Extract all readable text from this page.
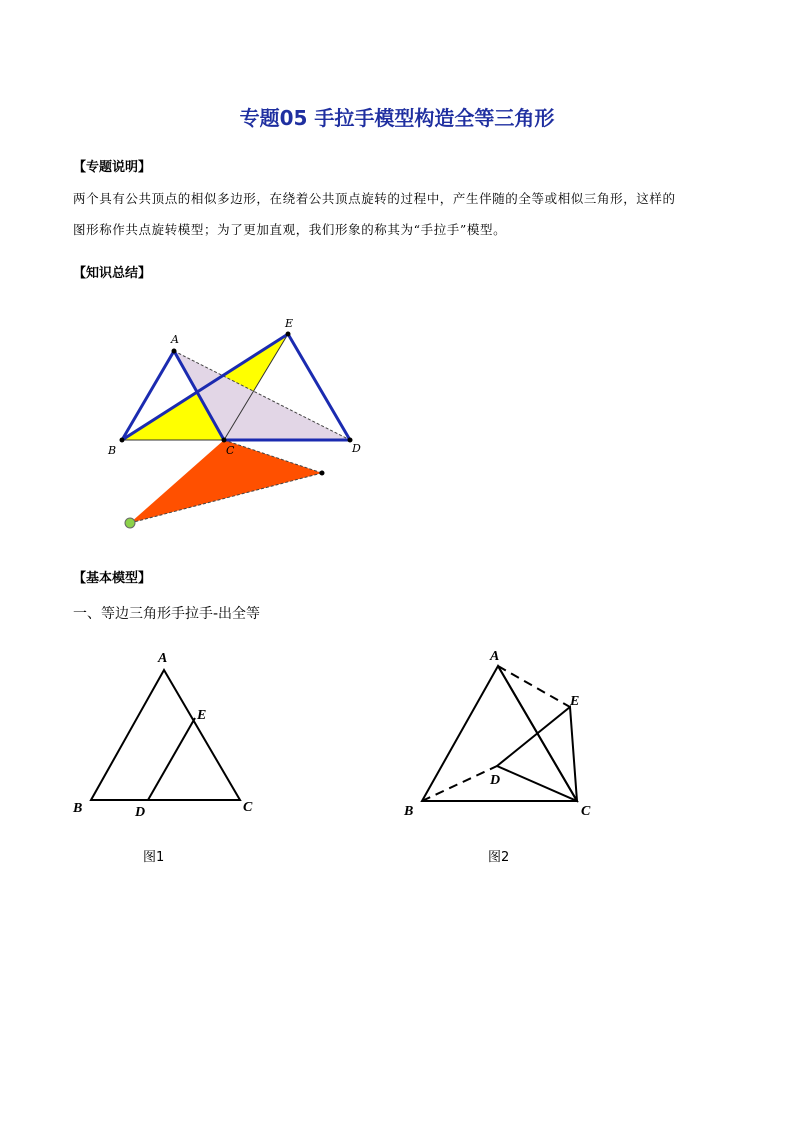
专题05 手拉手模型构造全等三角形
【专题说明】
两个具有公共顶点的相似多边形，在绕着公共顶点旋转的过程中，产生伴随的全等或相似三角形，这样的
图形称作共点旋转模型；为了更加直观，我们形象的称其为“手拉手”模型。
【知识总结】
A
E
B	C	D
【基本模型】
一、等边三角形手拉手-出全等
A
E
B	D	C
图1
A
E
D
B	C
图2
